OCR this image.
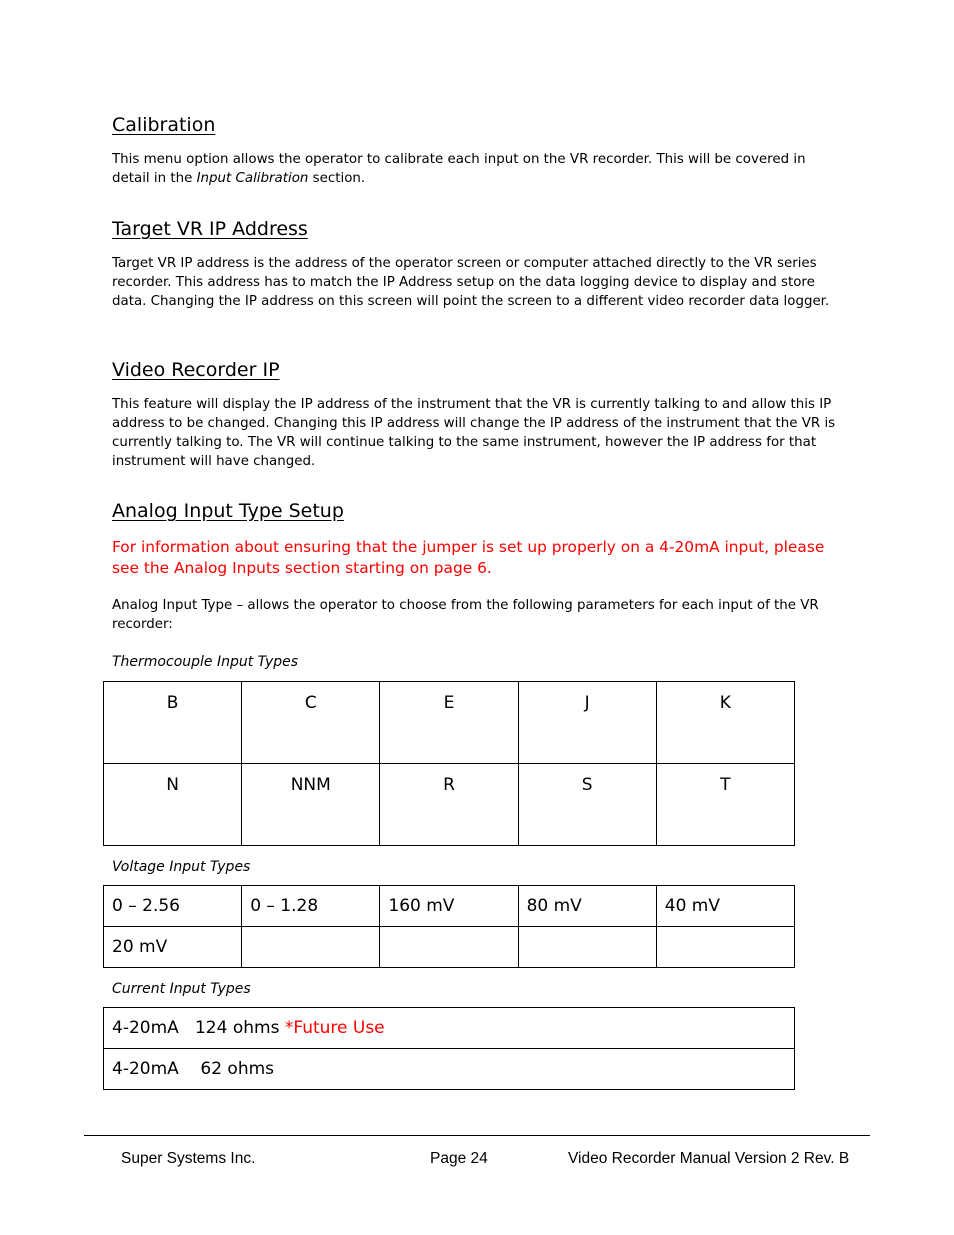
Calibration

This menu option allows the operator to calibrate each input on the VR recorder. This will be covered in detail in the Input Calibration section.

Target VR IP Address

Target VR IP address is the address of the operator screen or computer attached directly to the VR series recorder. This address has to match the IP Address setup on the data logging device to display and store data. Changing the IP address on this screen will point the screen to a different video recorder data logger.

Video Recorder IP

This feature will display the IP address of the instrument that the VR is currently talking to and allow this IP address to be changed. Changing this IP address will change the IP address of the instrument that the VR is currently talking to. The VR will continue talking to the same instrument, however the IP address for that instrument will have changed.

Analog Input Type Setup

For information about ensuring that the jumper is set up properly on a 4-20mA input, please see the Analog Inputs section starting on page 6.

Analog Input Type – allows the operator to choose from the following parameters for each input of the VR recorder:

Thermocouple Input Types

B	C	E	J	K
N	NNM	R	S	T

Voltage Input Types

0 – 2.56	0 – 1.28	160 mV	80 mV	40 mV
20 mV				

Current Input Types

4-20mA   124 ohms *Future Use
4-20mA    62 ohms

Super Systems Inc.	Page 24	Video Recorder Manual Version 2 Rev. B
